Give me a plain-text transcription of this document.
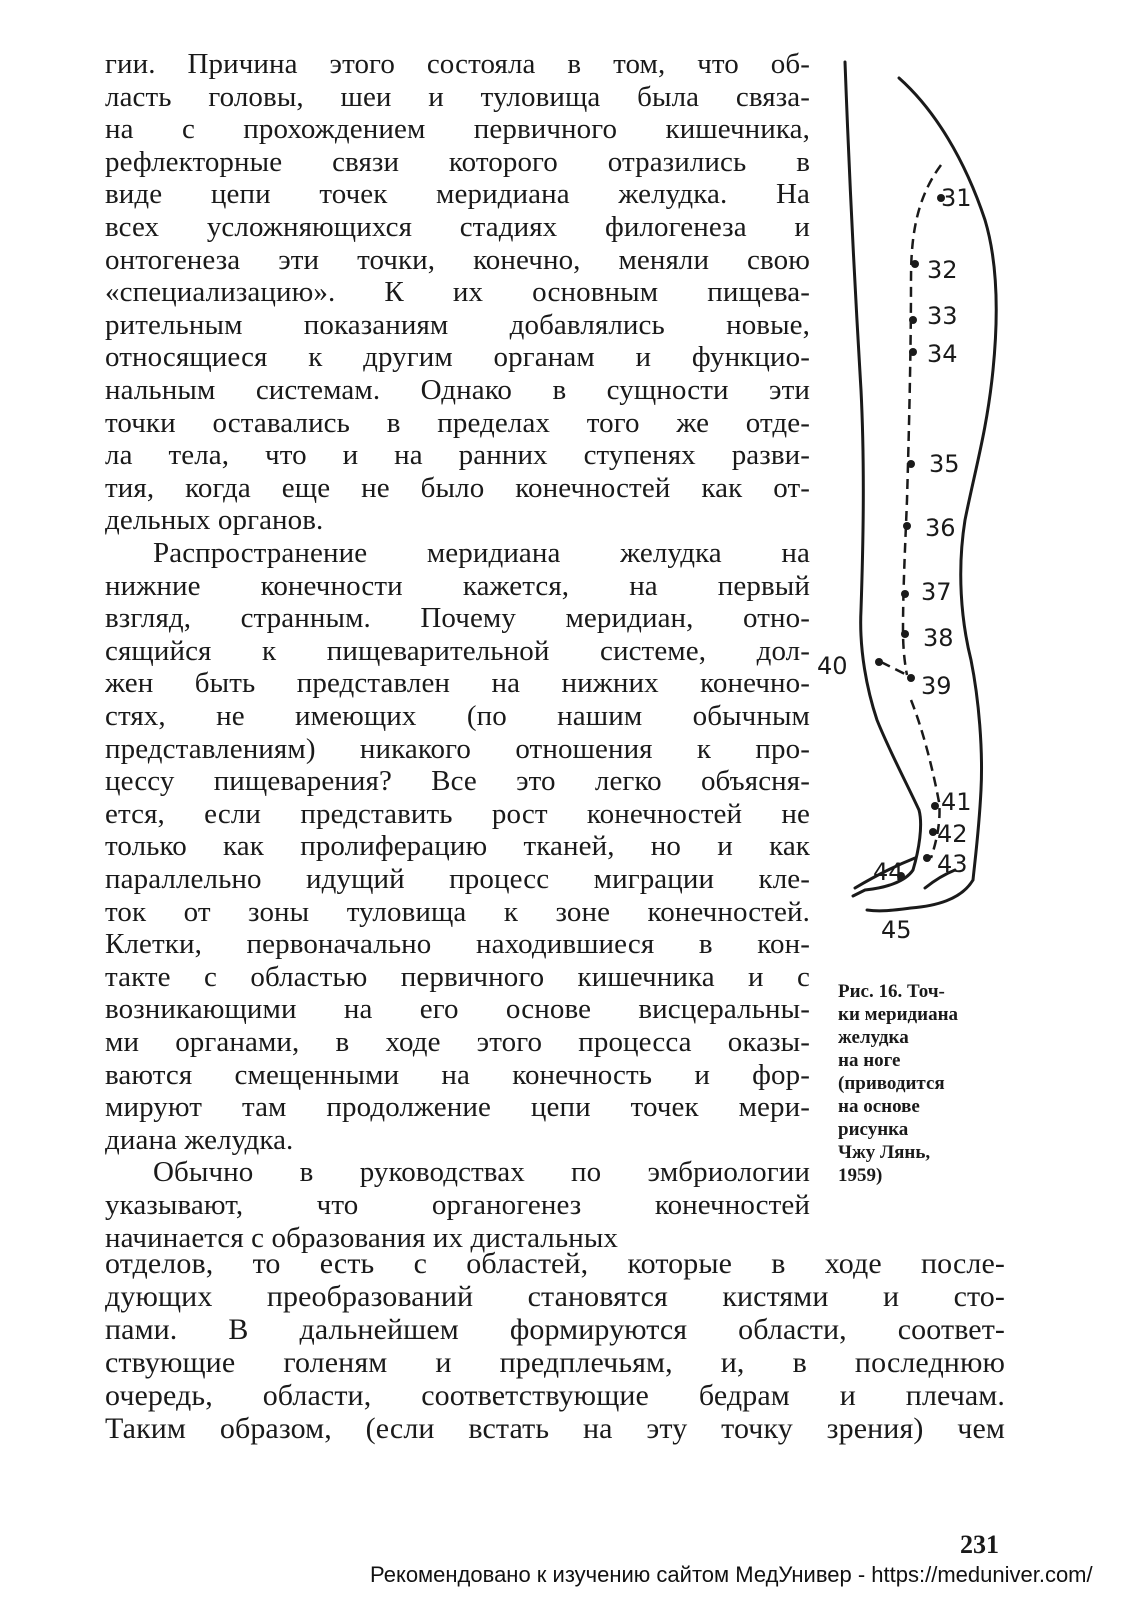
гии. Причина этого состояла в том, что об-
ласть головы, шеи и туловища была связа-
на с прохождением первичного кишечника,
рефлекторные связи которого отразились в
виде цепи точек меридиана желудка. На
всех усложняющихся стадиях филогенеза и
онтогенеза эти точки, конечно, меняли свою
«специализацию». К их основным пищева-
рительным показаниям добавлялись новые,
относящиеся к другим органам и функцио-
нальным системам. Однако в сущности эти
точки оставались в пределах того же отде-
ла тела, что и на ранних ступенях разви-
тия, когда еще не было конечностей как от-
дельных органов.
Распространение меридиана желудка на
нижние конечности кажется, на первый
взгляд, странным. Почему меридиан, отно-
сящийся к пищеварительной системе, дол-
жен быть представлен на нижних конечно-
стях, не имеющих (по нашим обычным
представлениям) никакого отношения к про-
цессу пищеварения? Все это легко объясня-
ется, если представить рост конечностей не
только как пролиферацию тканей, но и как
параллельно идущий процесс миграции кле-
ток от зоны туловища к зоне конечностей.
Клетки, первоначально находившиеся в кон-
такте с областью первичного кишечника и с
возникающими на его основе висцеральны-
ми органами, в ходе этого процесса оказы-
ваются смещенными на конечность и фор-
мируют там продолжение цепи точек мери-
диана желудка.
Обычно в руководствах по эмбриологии
указывают, что органогенез конечностей
начинается с образования их дистальных
31
32
33
34
35
36
37
38
39
40
41
42
43
44
45
Рис. 16. Точ-
ки меридиана
желудка
на ноге
(приводится
на основе
рисунка
Чжу Лянь,
1959)
отделов, то есть с областей, которые в ходе после-
дующих преобразований становятся кистями и сто-
пами. В дальнейшем формируются области, соответ-
ствующие голеням и предплечьям, и, в последнюю
очередь, области, соответствующие бедрам и плечам.
Таким образом, (если встать на эту точку зрения) чем
231
Рекомендовано к изучению сайтом МедУнивер - https://meduniver.com/
